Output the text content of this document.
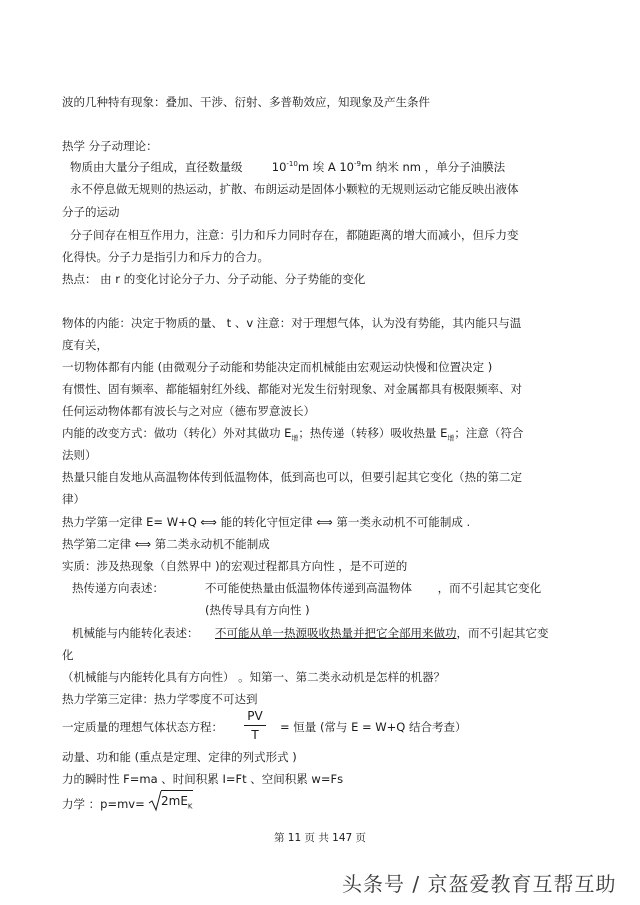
波的几种特有现象：叠加、干涉、衍射、多普勒效应，知现象及产生条件
热学 分子动理论：
物质由大量分子组成，直径数量级	$10^{-10}m$ 埃 A $10^{-9}m$ 纳米 nm ，单分子油膜法
永不停息做无规则的热运动，扩散、布朗运动是固体小颗粒的无规则运动它能反映出液体
分子的运动
分子间存在相互作用力，注意：引力和斥力同时存在，都随距离的增大而减小，但斥力变
化得快。分子力是指引力和斥力的合力。
热点： 由 r 的变化讨论分子力、分子动能、分子势能的变化
物体的内能：决定于物质的量、 t 、v 注意：对于理想气体，认为没有势能，其内能只与温
度有关，
一切物体都有内能 (由微观分子动能和势能决定而机械能由宏观运动快慢和位置决定 )
有惯性、固有频率、都能辐射红外线、都能对光发生衍射现象、对金属都具有极限频率、对
任何运动物体都有波长与之对应（德布罗意波长）
内能的改变方式：做功（转化）外对其做功 $E_增$；热传递（转移）吸收热量 $E_增$；注意（符合
法则）
热量只能自发地从高温物体传到低温物体，低到高也可以，但要引起其它变化（热的第二定
律）
热力学第一定律 E= W+Q ⟺ 能的转化守恒定律 ⟺ 第一类永动机不可能制成 .
热学第二定律 ⟺ 第二类永动机不能制成
实质：涉及热现象（自然界中 )的宏观过程都具方向性 ，是不可逆的
热传递方向表述：	不可能使热量由低温物体传递到高温物体 ，而不引起其它变化
(热传导具有方向性 )
机械能与内能转化表述： 不可能从单一热源吸收热量并把它全部用来做功，而不引起其它变
化
（机械能与内能转化具有方向性） 。知第一、第二类永动机是怎样的机器？
热力学第三定律：热力学零度不可达到
一定质量的理想气体状态方程：
PV
T
= 恒量 (常与 E = W+Q 结合考查）
动量、功和能 (重点是定理、定律的列式形式 )
力的瞬时性 F=ma 、时间积累 I=Ft 、空间积累 w=Fs
力学 ：$p=mv= 2mE_K$
第 11 页 共 147 页
头条号 / 京盔爱教育互帮互助
